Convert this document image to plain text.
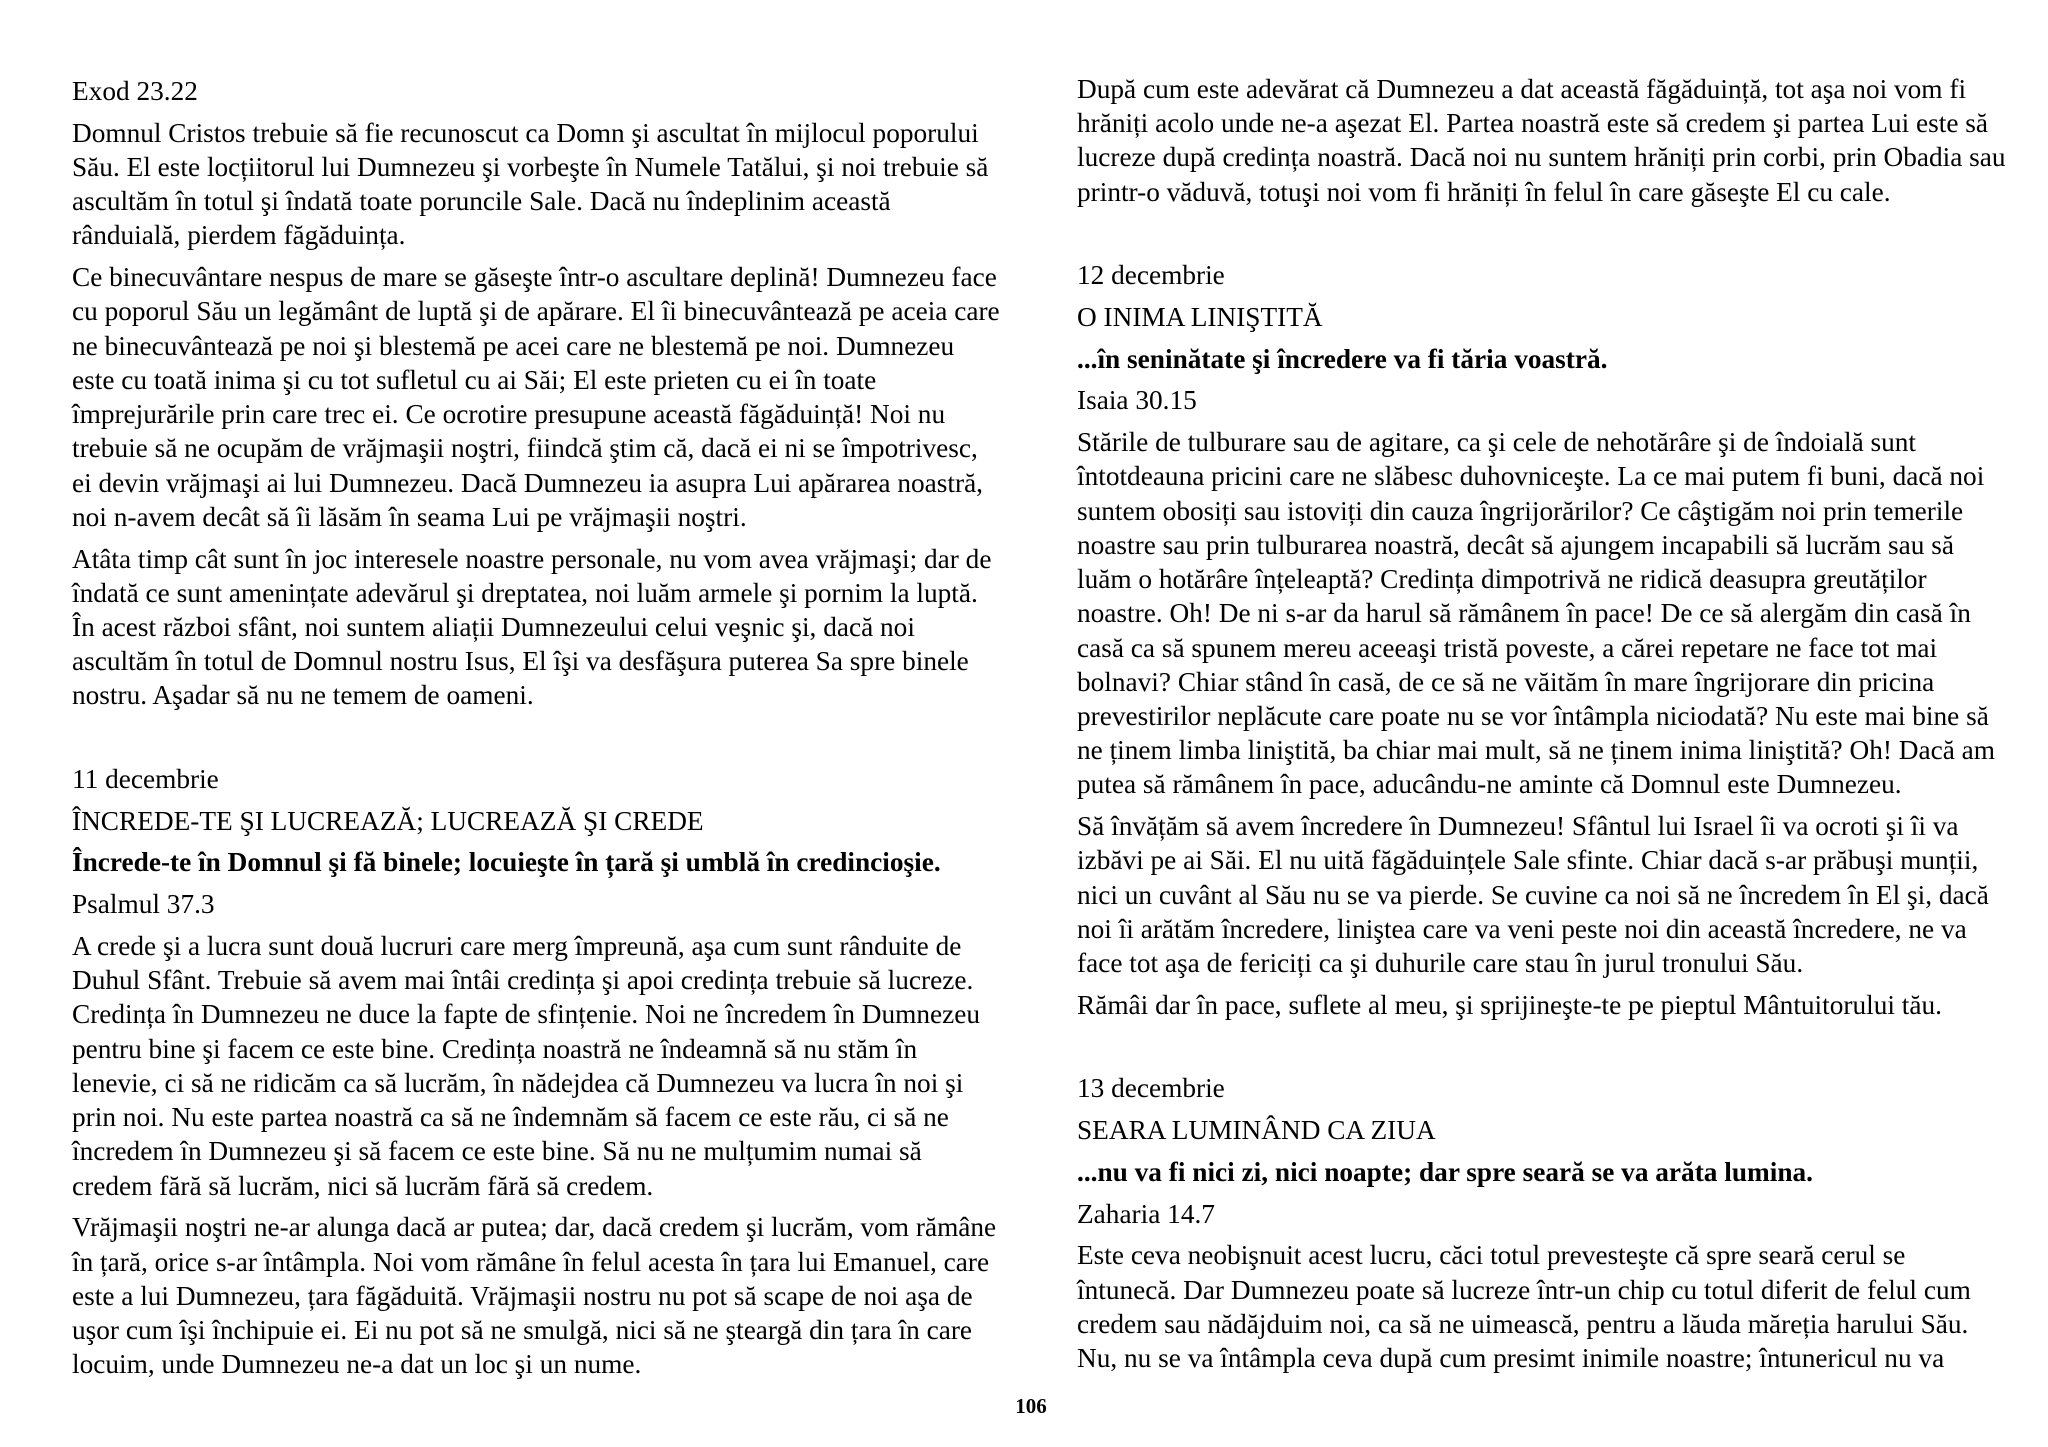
Exod 23.22
Domnul Cristos trebuie să fie recunoscut ca Domn şi ascultat în mijlocul poporului
Său. El este locțiitorul lui Dumnezeu şi vorbeşte în Numele Tatălui, şi noi trebuie să
ascultăm în totul şi îndată toate poruncile Sale. Dacă nu îndeplinim această
rânduială, pierdem făgăduința.
Ce binecuvântare nespus de mare se găseşte într-o ascultare deplină! Dumnezeu face
cu poporul Său un legământ de luptă şi de apărare. El îi binecuvântează pe aceia care
ne binecuvântează pe noi şi blestemă pe acei care ne blestemă pe noi. Dumnezeu
este cu toată inima şi cu tot sufletul cu ai Săi; El este prieten cu ei în toate
împrejurările prin care trec ei. Ce ocrotire presupune această făgăduință! Noi nu
trebuie să ne ocupăm de vrăjmaşii noştri, fiindcă ştim că, dacă ei ni se împotrivesc,
ei devin vrăjmaşi ai lui Dumnezeu. Dacă Dumnezeu ia asupra Lui apărarea noastră,
noi n-avem decât să îi lăsăm în seama Lui pe vrăjmaşii noştri.
Atâta timp cât sunt în joc interesele noastre personale, nu vom avea vrăjmaşi; dar de
îndată ce sunt amenințate adevărul şi dreptatea, noi luăm armele şi pornim la luptă.
În acest război sfânt, noi suntem aliații Dumnezeului celui veşnic şi, dacă noi
ascultăm în totul de Domnul nostru Isus, El îşi va desfăşura puterea Sa spre binele
nostru. Aşadar să nu ne temem de oameni.
11 decembrie
ÎNCREDE-TE ŞI LUCREAZĂ; LUCREAZĂ ŞI CREDE
Încrede-te în Domnul şi fă binele; locuieşte în țară şi umblă în credincioşie.
Psalmul 37.3
A crede şi a lucra sunt două lucruri care merg împreună, aşa cum sunt rânduite de
Duhul Sfânt. Trebuie să avem mai întâi credința şi apoi credința trebuie să lucreze.
Credința în Dumnezeu ne duce la fapte de sfințenie. Noi ne încredem în Dumnezeu
pentru bine şi facem ce este bine. Credința noastră ne îndeamnă să nu stăm în
lenevie, ci să ne ridicăm ca să lucrăm, în nădejdea că Dumnezeu va lucra în noi şi
prin noi. Nu este partea noastră ca să ne îndemnăm să facem ce este rău, ci să ne
încredem în Dumnezeu şi să facem ce este bine. Să nu ne mulțumim numai să
credem fără să lucrăm, nici să lucrăm fără să credem.
Vrăjmaşii noştri ne-ar alunga dacă ar putea; dar, dacă credem şi lucrăm, vom rămâne
în țară, orice s-ar întâmpla. Noi vom rămâne în felul acesta în țara lui Emanuel, care
este a lui Dumnezeu, țara făgăduită. Vrăjmaşii nostru nu pot să scape de noi aşa de
uşor cum îşi închipuie ei. Ei nu pot să ne smulgă, nici să ne şteargă din țara în care
locuim, unde Dumnezeu ne-a dat un loc şi un nume.
După cum este adevărat că Dumnezeu a dat această făgăduință, tot aşa noi vom fi
hrăniți acolo unde ne-a aşezat El. Partea noastră este să credem şi partea Lui este să
lucreze după credința noastră. Dacă noi nu suntem hrăniți prin corbi, prin Obadia sau
printr-o văduvă, totuşi noi vom fi hrăniți în felul în care găseşte El cu cale.
12 decembrie
O INIMA LINIŞTITĂ
...în seninătate şi încredere va fi tăria voastră.
Isaia 30.15
Stările de tulburare sau de agitare, ca şi cele de nehotărâre şi de îndoială sunt
întotdeauna pricini care ne slăbesc duhovniceşte. La ce mai putem fi buni, dacă noi
suntem obosiți sau istoviți din cauza îngrijorărilor? Ce câştigăm noi prin temerile
noastre sau prin tulburarea noastră, decât să ajungem incapabili să lucrăm sau să
luăm o hotărâre înțeleaptă? Credința dimpotrivă ne ridică deasupra greutăților
noastre. Oh! De ni s-ar da harul să rămânem în pace! De ce să alergăm din casă în
casă ca să spunem mereu aceeaşi tristă poveste, a cărei repetare ne face tot mai
bolnavi? Chiar stând în casă, de ce să ne văităm în mare îngrijorare din pricina
prevestirilor neplăcute care poate nu se vor întâmpla niciodată? Nu este mai bine să
ne ținem limba liniştită, ba chiar mai mult, să ne ținem inima liniştită? Oh! Dacă am
putea să rămânem în pace, aducându-ne aminte că Domnul este Dumnezeu.
Să învățăm să avem încredere în Dumnezeu! Sfântul lui Israel îi va ocroti şi îi va
izbăvi pe ai Săi. El nu uită făgăduințele Sale sfinte. Chiar dacă s-ar prăbuşi munții,
nici un cuvânt al Său nu se va pierde. Se cuvine ca noi să ne încredem în El şi, dacă
noi îi arătăm încredere, liniştea care va veni peste noi din această încredere, ne va
face tot aşa de fericiți ca şi duhurile care stau în jurul tronului Său.
Rămâi dar în pace, suflete al meu, şi sprijineşte-te pe pieptul Mântuitorului tău.
13 decembrie
SEARA LUMINÂND CA ZIUA
...nu va fi nici zi, nici noapte; dar spre seară se va arăta lumina.
Zaharia 14.7
Este ceva neobişnuit acest lucru, căci totul prevesteşte că spre seară cerul se
întunecă. Dar Dumnezeu poate să lucreze într-un chip cu totul diferit de felul cum
credem sau nădăjduim noi, ca să ne uimească, pentru a lăuda măreția harului Său.
Nu, nu se va întâmpla ceva după cum presimt inimile noastre; întunericul nu va
106
